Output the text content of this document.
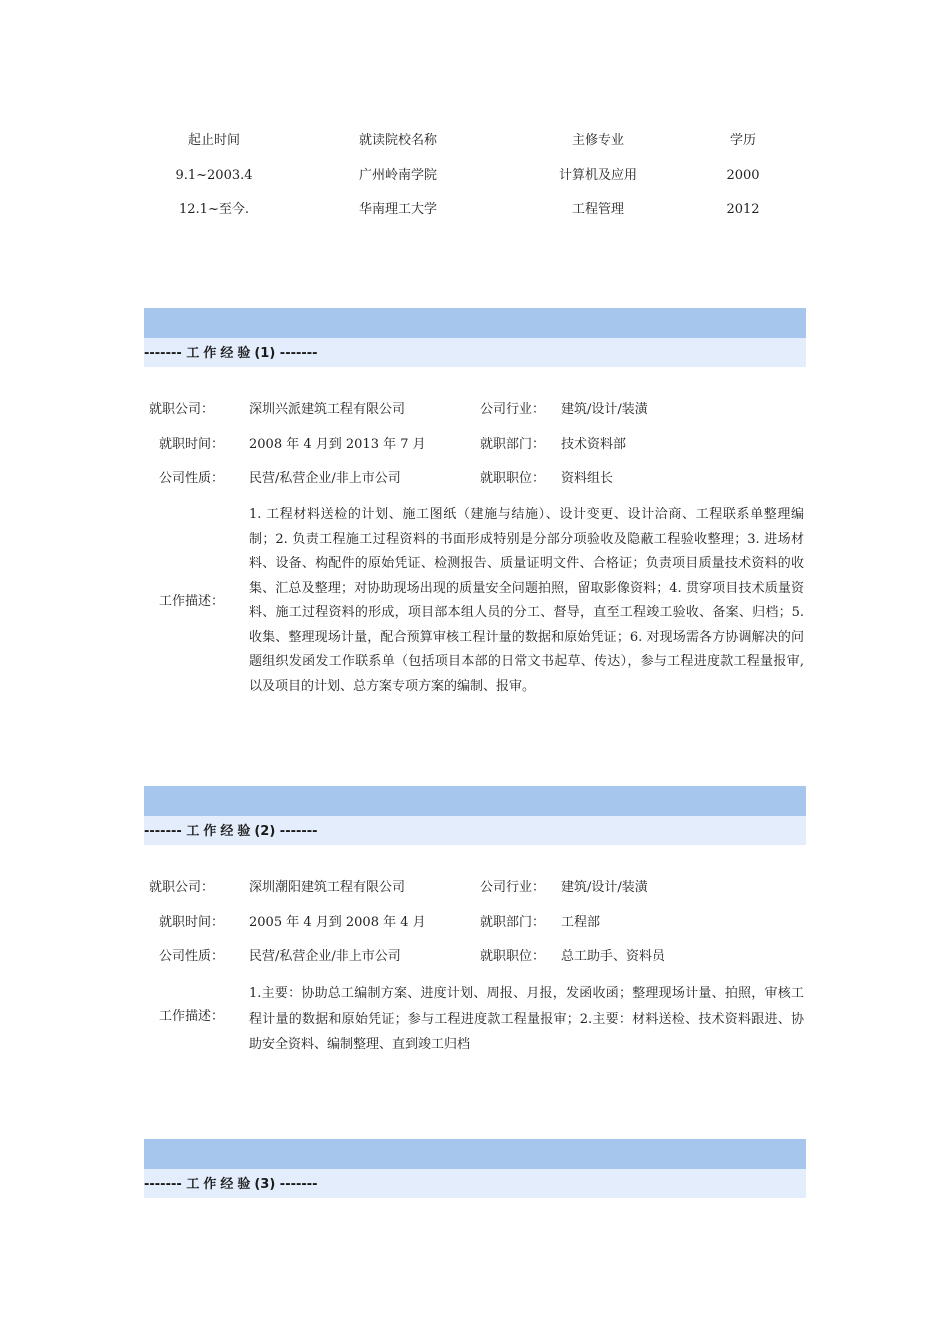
起止时间	就读院校名称	主修专业	学历
9.1~2003.4	广州岭南学院	计算机及应用	2000
12.1~至今.	华南理工大学	工程管理	2012
------- 工作经验(1) -------
就职公司：	深圳兴派建筑工程有限公司	公司行业： 建筑/设计/装潢
就职时间： 2008 年 4 月到 2013 年 7 月	就职部门： 技术资料部
公司性质： 民营/私营企业/非上市公司	就职职位： 资料组长
工作描述：
1. 工程材料送检的计划、施工图纸（建施与结施）、设计变更、设计洽商、工程联系单整理编制；2. 负责工程施工过程资料的书面形成特别是分部分项验收及隐蔽工程验收整理；3. 进场材料、设备、构配件的原始凭证、检测报告、质量证明文件、合格证；负责项目质量技术资料的收集、汇总及整理；对协助现场出现的质量安全问题拍照，留取影像资料；4. 贯穿项目技术质量资料、施工过程资料的形成，项目部本组人员的分工、督导，直至工程竣工验收、备案、归档；5. 收集、整理现场计量，配合预算审核工程计量的数据和原始凭证；6. 对现场需各方协调解决的问题组织发函发工作联系单（包括项目本部的日常文书起草、传达），参与工程进度款工程量报审,以及项目的计划、总方案专项方案的编制、报审。
------- 工作经验(2) -------
就职公司：	深圳潮阳建筑工程有限公司	公司行业： 建筑/设计/装潢
就职时间： 2005 年 4 月到 2008 年 4 月	就职部门： 工程部
公司性质： 民营/私营企业/非上市公司	就职职位： 总工助手、资料员
工作描述：
1.主要：协助总工编制方案、进度计划、周报、月报，发函收函；整理现场计量、拍照，审核工程计量的数据和原始凭证；参与工程进度款工程量报审；2.主要：材料送检、技术资料跟进、协助安全资料、编制整理、直到竣工归档
------- 工作经验(3) -------
